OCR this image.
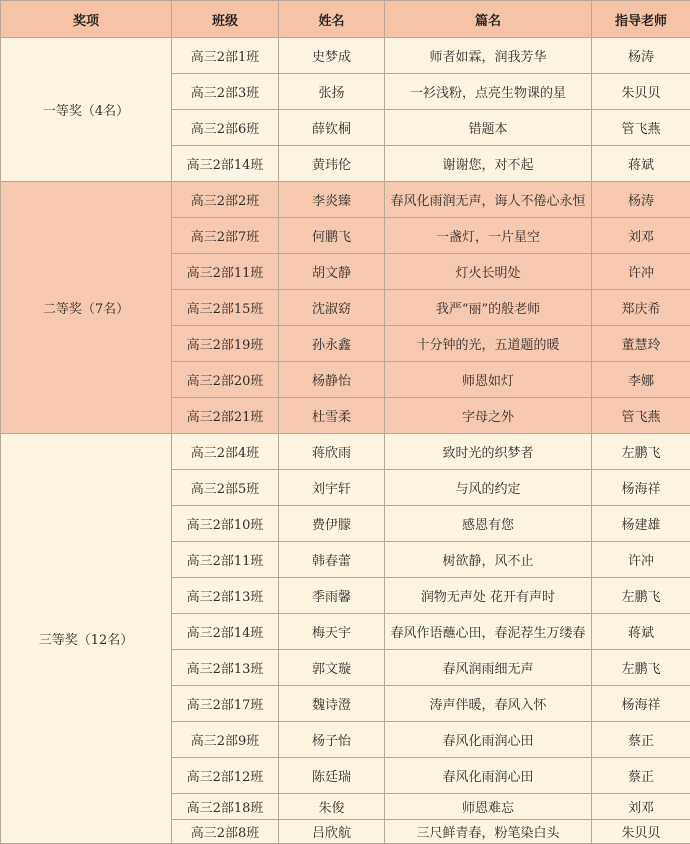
奖项	班级	姓名	篇名	指导老师
一等奖（4名）	高三2部1班	史梦成	师者如霖，润我芳华	杨涛
	高三2部3班	张扬	一衫浅粉，点亮生物课的星	朱贝贝
	高三2部6班	薛钦桐	错题本	管飞燕
	高三2部14班	黄玮伦	谢谢您，对不起	蒋斌
二等奖（7名）	高三2部2班	李炎臻	春风化雨润无声，诲人不倦心永恒	杨涛
	高三2部7班	何鹏飞	一盏灯，一片星空	刘邓
	高三2部11班	胡文静	灯火长明处	许冲
	高三2部15班	沈淑窈	我严“丽”的般老师	郑庆希
	高三2部19班	孙永鑫	十分钟的光，五道题的暖	董慧玲
	高三2部20班	杨静怡	师恩如灯	李娜
	高三2部21班	杜雪柔	字母之外	管飞燕
三等奖（12名）	高三2部4班	蒋欣雨	致时光的织梦者	左鹏飞
	高三2部5班	刘宇轩	与风的约定	杨海祥
	高三2部10班	费伊朦	感恩有您	杨建雄
	高三2部11班	韩春蕾	树欲静，风不止	许冲
	高三2部13班	季雨馨	润物无声处 花开有声时	左鹏飞
	高三2部14班	梅天宇	春风作语蘸心田，春泥荐生万缕春	蒋斌
	高三2部13班	郭文璇	春风润雨细无声	左鹏飞
	高三2部17班	魏诗澄	涛声伴暖，春风入怀	杨海祥
	高三2部9班	杨子怡	春风化雨润心田	蔡正
	高三2部12班	陈廷瑞	春风化雨润心田	蔡正
	高三2部18班	朱俊	师恩难忘	刘邓
	高三2部8班	吕欣航	三尺鲜青春，粉笔染白头	朱贝贝
